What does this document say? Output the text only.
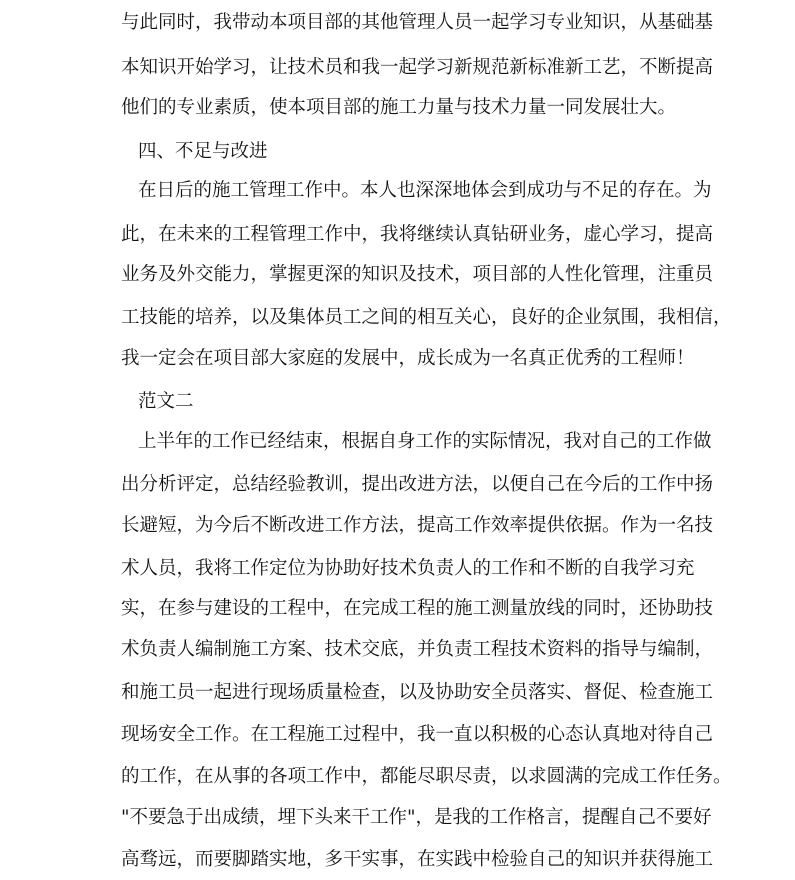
与此同时，我带动本项目部的其他管理人员一起学习专业知识，从基础基
本知识开始学习，让技术员和我一起学习新规范新标准新工艺，不断提高
他们的专业素质，使本项目部的施工力量与技术力量一同发展壮大。
四、不足与改进
在日后的施工管理工作中。本人也深深地体会到成功与不足的存在。为
此，在未来的工程管理工作中，我将继续认真钻研业务，虚心学习，提高
业务及外交能力，掌握更深的知识及技术，项目部的人性化管理，注重员
工技能的培养，以及集体员工之间的相互关心，良好的企业氛围，我相信，
我一定会在项目部大家庭的发展中，成长成为一名真正优秀的工程师！
范文二
上半年的工作已经结束，根据自身工作的实际情况，我对自己的工作做
出分析评定，总结经验教训，提出改进方法，以便自己在今后的工作中扬
长避短，为今后不断改进工作方法，提高工作效率提供依据。作为一名技
术人员，我将工作定位为协助好技术负责人的工作和不断的自我学习充
实，在参与建设的工程中，在完成工程的施工测量放线的同时，还协助技
术负责人编制施工方案、技术交底，并负责工程技术资料的指导与编制，
和施工员一起进行现场质量检查，以及协助安全员落实、督促、检查施工
现场安全工作。在工程施工过程中，我一直以积极的心态认真地对待自己
的工作，在从事的各项工作中，都能尽职尽责，以求圆满的完成工作任务。
"不要急于出成绩，埋下头来干工作"，是我的工作格言，提醒自己不要好
高骛远，而要脚踏实地，多干实事，在实践中检验自己的知识并获得施工
